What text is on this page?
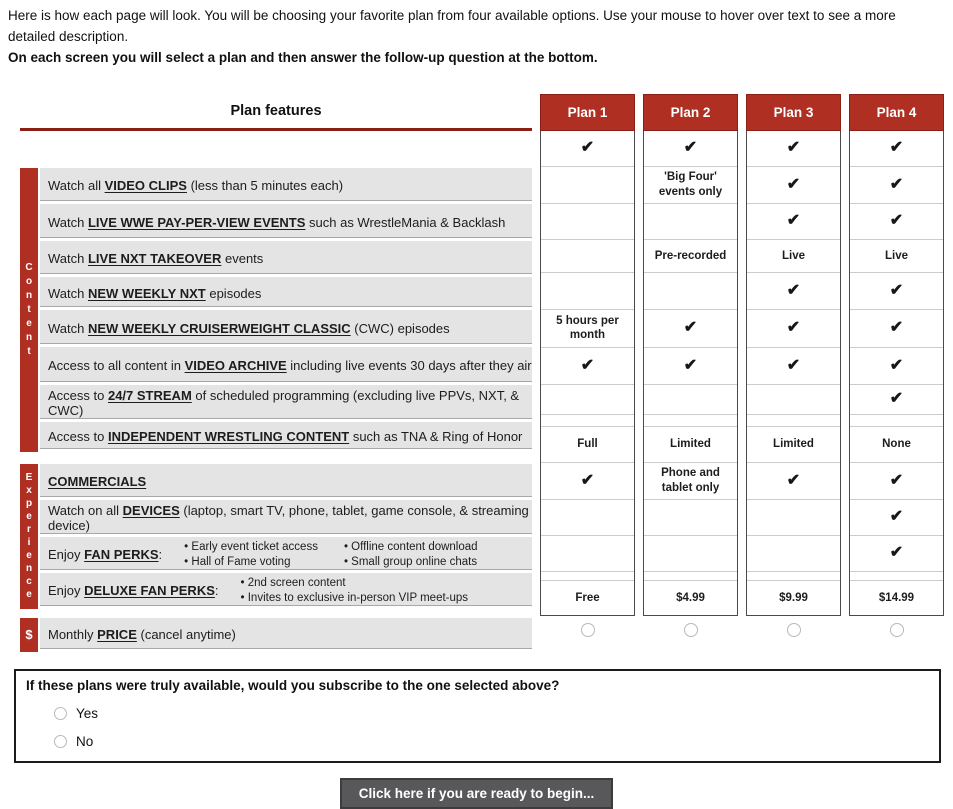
Here is how each page will look. You will be choosing your favorite plan from four available options. Use your mouse to hover over text to see a more detailed description.
On each screen you will select a plan and then answer the follow-up question at the bottom.
Plan features
C
o
n
t
e
n
t
E
x
p
e
r
i
e
n
c
e
$
Watch all VIDEO CLIPS (less than 5 minutes each)
Watch LIVE WWE PAY-PER-VIEW EVENTS such as WrestleMania & Backlash
Watch LIVE NXT TAKEOVER events
Watch NEW WEEKLY NXT episodes
Watch NEW WEEKLY CRUISERWEIGHT CLASSIC (CWC) episodes
Access to all content in VIDEO ARCHIVE including live events 30 days after they air
Access to 24/7 STREAM of scheduled programming (excluding live PPVs, NXT, & CWC)
Access to INDEPENDENT WRESTLING CONTENT such as TNA & Ring of Honor
COMMERCIALS
Watch on all DEVICES (laptop, smart TV, phone, tablet, game console, & streaming device)
Enjoy FAN PERKS:
• Early event ticket access
• Hall of Fame voting
• Offline content download
• Small group online chats
Enjoy DELUXE FAN PERKS:
• 2nd screen content
• Invites to exclusive in-person VIP meet-ups
Monthly PRICE (cancel anytime)
Plan 1
✔
5 hours per month
✔
Full
✔
Free
Plan 2
✔
'Big Four' events only
Pre-recorded
✔
✔
Limited
Phone and tablet only
$4.99
Plan 3
✔
✔
✔
Live
✔
✔
✔
Limited
✔
$9.99
Plan 4
✔
✔
✔
Live
✔
✔
✔
✔
None
✔
✔
✔
$14.99
If these plans were truly available, would you subscribe to the one selected above?
Yes
No
Click here if you are ready to begin...
